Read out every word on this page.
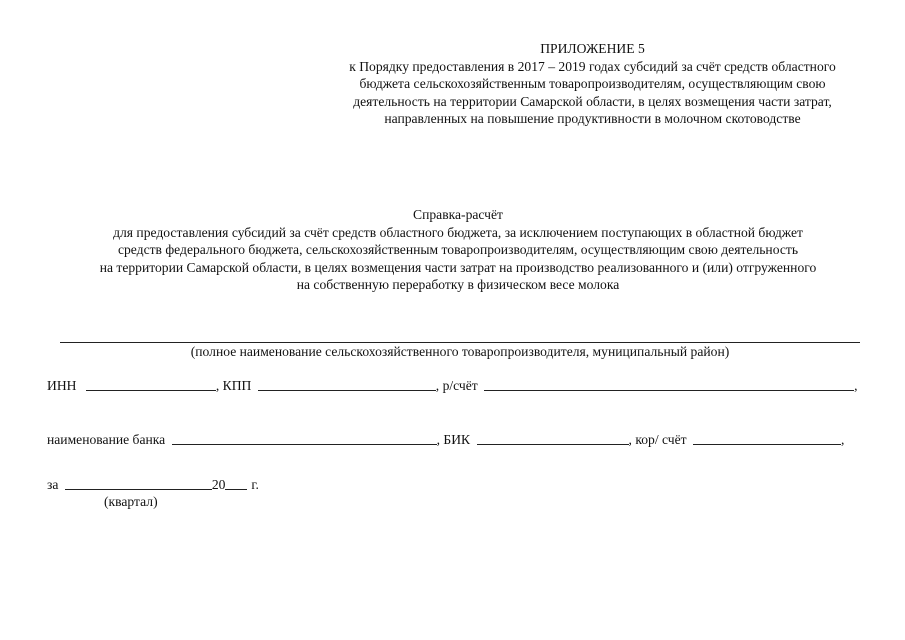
ПРИЛОЖЕНИЕ 5
к Порядку предоставления в 2017 – 2019 годах субсидий за счёт средств областного
бюджета сельскохозяйственным товаропроизводителям, осуществляющим свою
деятельность на территории Самарской области, в целях возмещения части затрат,
направленных на повышение продуктивности в молочном скотоводстве
Справка-расчёт
для предоставления субсидий за счёт средств областного бюджета, за исключением поступающих в областной бюджет
средств федерального бюджета, сельскохозяйственным товаропроизводителям, осуществляющим свою деятельность
на территории Самарской области, в целях возмещения части затрат на производство реализованного и (или) отгруженного
на собственную переработку в физическом весе молока
(полное наименование сельскохозяйственного товаропроизводителя, муниципальный район)
ИНН	, КПП	, р/счёт	,
наименование банка	, БИК	, кор/ счёт	,
за	20 г.
(квартал)
